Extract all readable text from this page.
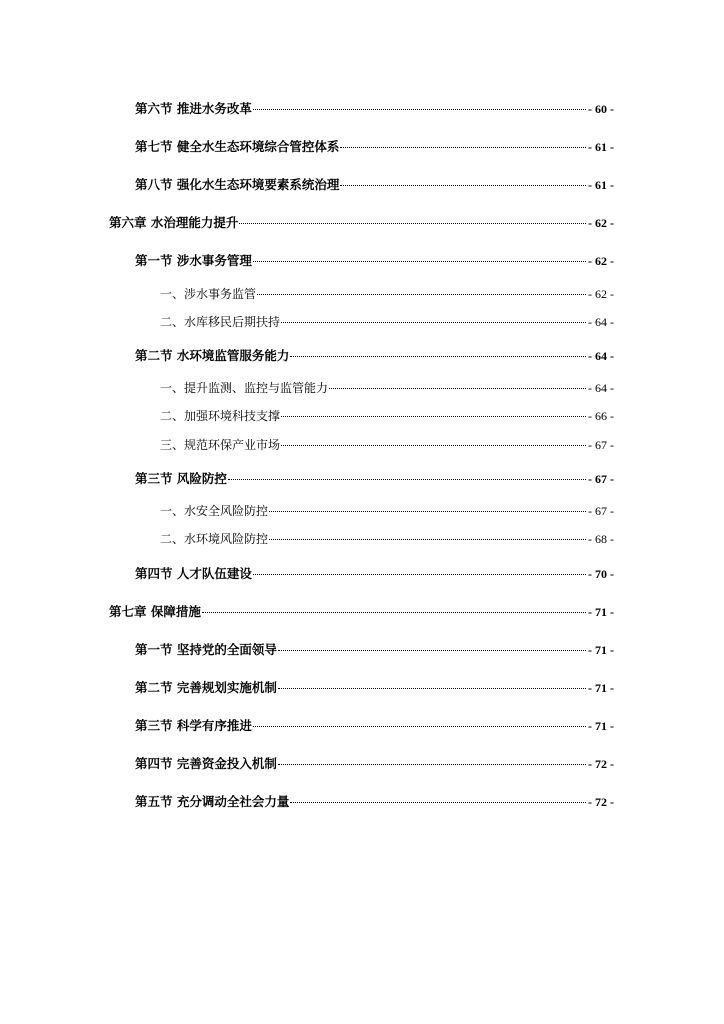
第六节 推进水务改革	- 60 -
第七节 健全水生态环境综合管控体系	- 61 -
第八节 强化水生态环境要素系统治理	- 61 -
第六章 水治理能力提升	- 62 -
第一节 涉水事务管理	- 62 -
一、涉水事务监管	- 62 -
二、水库移民后期扶持	- 64 -
第二节 水环境监管服务能力	- 64 -
一、提升监测、监控与监管能力	- 64 -
二、加强环境科技支撑	- 66 -
三、规范环保产业市场	- 67 -
第三节 风险防控	- 67 -
一、水安全风险防控	- 67 -
二、水环境风险防控	- 68 -
第四节 人才队伍建设	- 70 -
第七章 保障措施	- 71 -
第一节 坚持党的全面领导	- 71 -
第二节 完善规划实施机制	- 71 -
第三节 科学有序推进	- 71 -
第四节 完善资金投入机制	- 72 -
第五节 充分调动全社会力量	- 72 -
